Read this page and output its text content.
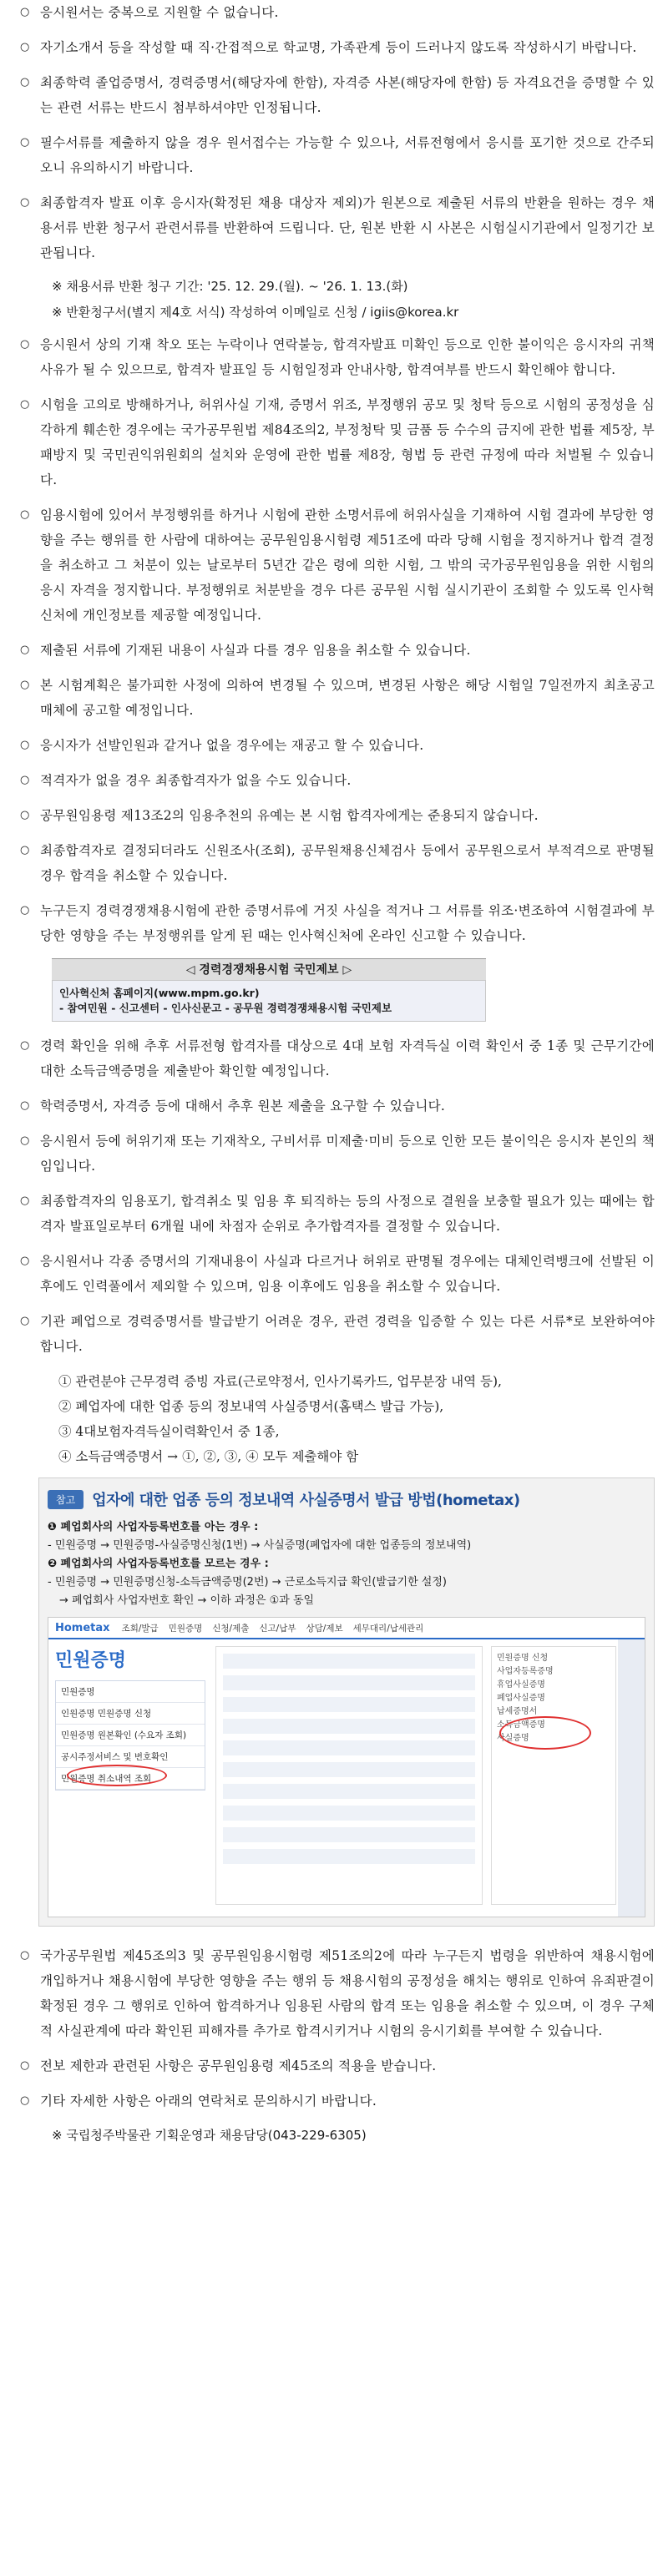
○ 응시원서는 중복으로 지원할 수 없습니다.
○ 자기소개서 등을 작성할 때 직·간접적으로 학교명, 가족관계 등이 드러나지 않도록 작성하시기 바랍니다.
○ 최종학력 졸업증명서, 경력증명서(해당자에 한함), 자격증 사본(해당자에 한함) 등 자격요건을 증명할 수 있는 관련 서류는 반드시 첨부하셔야만 인정됩니다.
○ 필수서류를 제출하지 않을 경우 원서접수는 가능할 수 있으나, 서류전형에서 응시를 포기한 것으로 간주되오니 유의하시기 바랍니다.
○ 최종합격자 발표 이후 응시자(확정된 채용 대상자 제외)가 원본으로 제출된 서류의 반환을 원하는 경우 채용서류 반환 청구서 관련서류를 반환하여 드립니다. 단, 원본 반환 시 사본은 시험실시기관에서 일정기간 보관됩니다.
※ 채용서류 반환 청구 기간: '25. 12. 29.(월). ~ '26. 1. 13.(화)
※ 반환청구서(별지 제4호 서식) 작성하여 이메일로 신청 / igiis@korea.kr
○ 응시원서 상의 기재 착오 또는 누락이나 연락불능, 합격자발표 미확인 등으로 인한 불이익은 응시자의 귀책사유가 될 수 있으므로, 합격자 발표일 등 시험일정과 안내사항, 합격여부를 반드시 확인해야 합니다.
○ 시험을 고의로 방해하거나, 허위사실 기재, 증명서 위조, 부정행위 공모 및 청탁 등으로 시험의 공정성을 심각하게 훼손한 경우에는 국가공무원법 제84조의2, 부정청탁 및 금품 등 수수의 금지에 관한 법률 제5장, 부패방지 및 국민권익위원회의 설치와 운영에 관한 법률 제8장, 형법 등 관련 규정에 따라 처벌될 수 있습니다.
○ 임용시험에 있어서 부정행위를 하거나 시험에 관한 소명서류에 허위사실을 기재하여 시험 결과에 부당한 영향을 주는 행위를 한 사람에 대하여는 공무원임용시험령 제51조에 따라 당해 시험을 정지하거나 합격 결정을 취소하고 그 처분이 있는 날로부터 5년간 같은 령에 의한 시험, 그 밖의 국가공무원임용을 위한 시험의 응시 자격을 정지합니다. 부정행위로 처분받을 경우 다른 공무원 시험 실시기관이 조회할 수 있도록 인사혁신처에 개인정보를 제공할 예정입니다.
○ 제출된 서류에 기재된 내용이 사실과 다를 경우 임용을 취소할 수 있습니다.
○ 본 시험계획은 불가피한 사정에 의하여 변경될 수 있으며, 변경된 사항은 해당 시험일 7일전까지 최초공고 매체에 공고할 예정입니다.
○ 응시자가 선발인원과 같거나 없을 경우에는 재공고 할 수 있습니다.
○ 적격자가 없을 경우 최종합격자가 없을 수도 있습니다.
○ 공무원임용령 제13조2의 임용추천의 유예는 본 시험 합격자에게는 준용되지 않습니다.
○ 최종합격자로 결정되더라도 신원조사(조회), 공무원채용신체검사 등에서 공무원으로서 부적격으로 판명될 경우 합격을 취소할 수 있습니다.
○ 누구든지 경력경쟁채용시험에 관한 증명서류에 거짓 사실을 적거나 그 서류를 위조·변조하여 시험결과에 부당한 영향을 주는 부정행위를 알게 된 때는 인사혁신처에 온라인 신고할 수 있습니다.
◁ 경력경쟁채용시험 국민제보 ▷
인사혁신처 홈페이지(www.mpm.go.kr)
- 참여민원 - 신고센터 - 인사신문고 - 공무원 경력경쟁채용시험 국민제보
○ 경력 확인을 위해 추후 서류전형 합격자를 대상으로 4대 보험 자격득실 이력 확인서 중 1종 및 근무기간에 대한 소득금액증명을 제출받아 확인할 예정입니다.
○ 학력증명서, 자격증 등에 대해서 추후 원본 제출을 요구할 수 있습니다.
○ 응시원서 등에 허위기재 또는 기재착오, 구비서류 미제출·미비 등으로 인한 모든 불이익은 응시자 본인의 책임입니다.
○ 최종합격자의 임용포기, 합격취소 및 임용 후 퇴직하는 등의 사정으로 결원을 보충할 필요가 있는 때에는 합격자 발표일로부터 6개월 내에 차점자 순위로 추가합격자를 결정할 수 있습니다.
○ 응시원서나 각종 증명서의 기재내용이 사실과 다르거나 허위로 판명될 경우에는 대체인력뱅크에 선발된 이후에도 인력풀에서 제외할 수 있으며, 임용 이후에도 임용을 취소할 수 있습니다.
○ 기관 폐업으로 경력증명서를 발급받기 어려운 경우, 관련 경력을 입증할 수 있는 다른 서류*로 보완하여야 합니다.
① 관련분야 근무경력 증빙 자료(근로약정서, 인사기록카드, 업무분장 내역 등),
② 폐업자에 대한 업종 등의 정보내역 사실증명서(홈택스 발급 가능),
③ 4대보험자격득실이력확인서 중 1종,
④ 소득금액증명서 → ①, ②, ③, ④ 모두 제출해야 함
참고	업자에 대한 업종 등의 정보내역 사실증명서 발급 방법(hometax)
❶ 폐업회사의 사업자등록번호를 아는 경우 :
- 민원증명 → 민원증명-사실증명신청(1번) → 사실증명(폐업자에 대한 업종등의 정보내역)
❷ 폐업회사의 사업자등록번호를 모르는 경우 :
- 민원증명 → 민원증명신청-소득금액증명(2번) → 근로소득지급 확인(발급기한 설정)
→ 폐업회사 사업자번호 확인 → 이하 과정은 ①과 동일
Hometax 조회/발급 민원증명 신청/제출 신고/납부 상담/제보 세무대리/납세관리
민원증명
민원증명
인원증명 민원증명 신청
민원증명 원본확인 (수요자 조회)
공시주정서비스 및 번호확인
민원증명 취소내역 조회
민원증명 신청
사업자등록증명
휴업사실증명
폐업사실증명
납세증명서
소득금액증명
사실증명
○ 국가공무원법 제45조의3 및 공무원임용시험령 제51조의2에 따라 누구든지 법령을 위반하여 채용시험에 개입하거나 채용시험에 부당한 영향을 주는 행위 등 채용시험의 공정성을 해치는 행위로 인하여 유죄판결이 확정된 경우 그 행위로 인하여 합격하거나 임용된 사람의 합격 또는 임용을 취소할 수 있으며, 이 경우 구체적 사실관계에 따라 확인된 피해자를 추가로 합격시키거나 시험의 응시기회를 부여할 수 있습니다.
○ 전보 제한과 관련된 사항은 공무원임용령 제45조의 적용을 받습니다.
○ 기타 자세한 사항은 아래의 연락처로 문의하시기 바랍니다.
※ 국립청주박물관 기획운영과 채용담당(043-229-6305)
